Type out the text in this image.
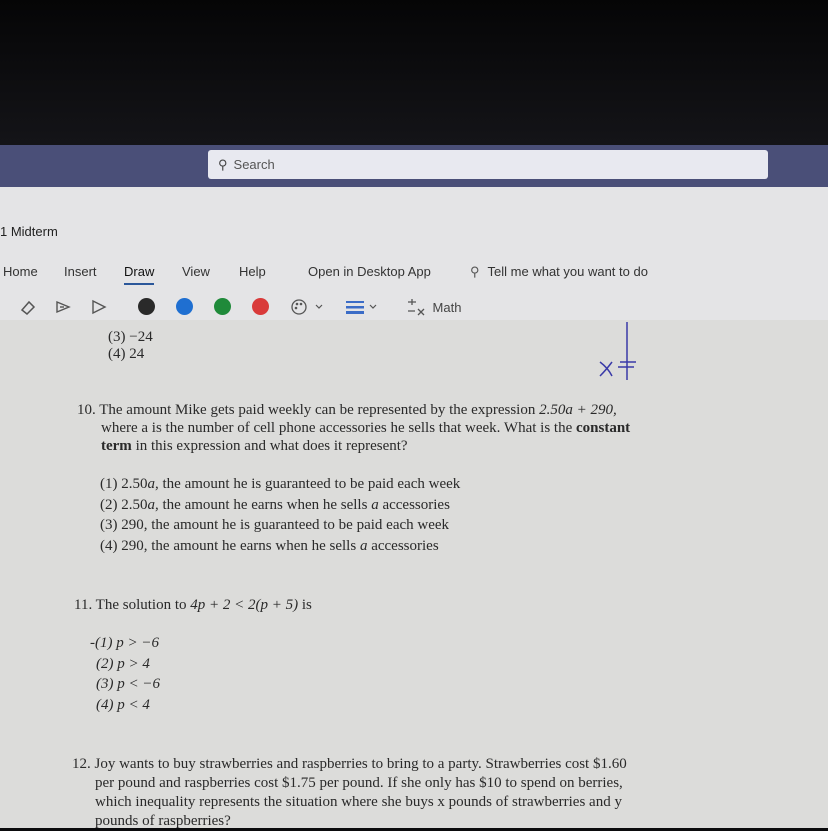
⚲ Search
1 Midterm
Home Insert Draw View Help	Open in Desktop App	⚲ Tell me what you want to do
Math	x≠
(3) −24
(4) 24
10. The amount Mike gets paid weekly can be represented by the expression 2.50a + 290,
where a is the number of cell phone accessories he sells that week. What is the constant
term in this expression and what does it represent?
(1) 2.50a, the amount he is guaranteed to be paid each week
(2) 2.50a, the amount he earns when he sells a accessories
(3) 290, the amount he is guaranteed to be paid each week
(4) 290, the amount he earns when he sells a accessories
11. The solution to 4p + 2 < 2(p + 5) is
-(1) p > −6
(2) p > 4
(3) p < −6
(4) p < 4
12. Joy wants to buy strawberries and raspberries to bring to a party. Strawberries cost $1.60
per pound and raspberries cost $1.75 per pound. If she only has $10 to spend on berries,
which inequality represents the situation where she buys x pounds of strawberries and y
pounds of raspberries?
